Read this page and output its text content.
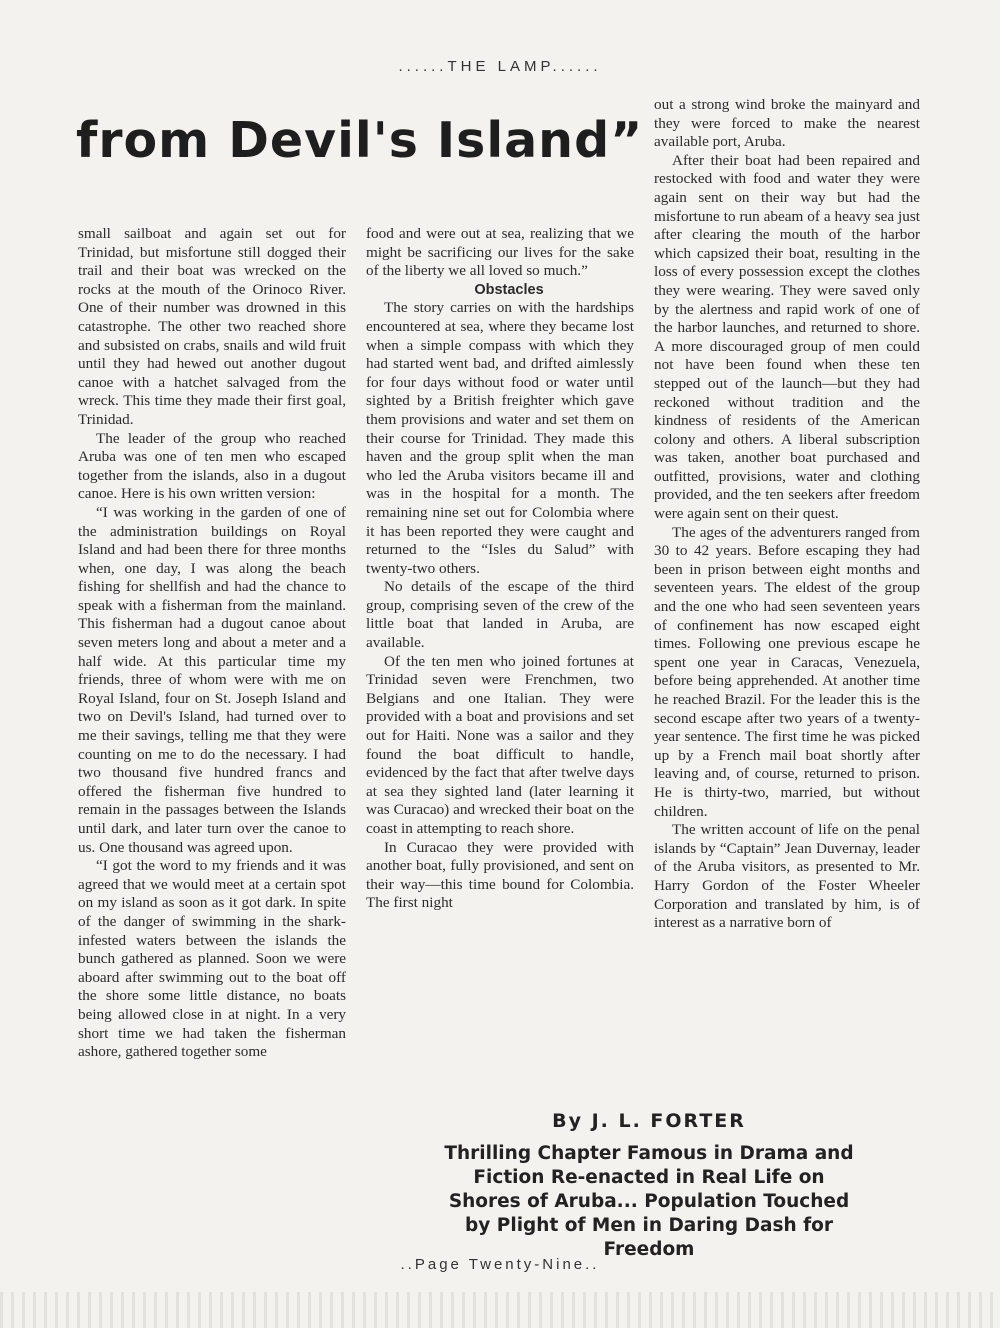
......THE LAMP......
from Devil's Island”

small sailboat and again set out for Trinidad, but misfortune still dogged their trail and their boat was wrecked on the rocks at the mouth of the Orinoco River. One of their number was drowned in this catastrophe. The other two reached shore and subsisted on crabs, snails and wild fruit until they had hewed out another dugout canoe with a hatchet salvaged from the wreck. This time they made their first goal, Trinidad.

The leader of the group who reached Aruba was one of ten men who escaped together from the islands, also in a dugout canoe. Here is his own written version:

“I was working in the garden of one of the administration buildings on Royal Island and had been there for three months when, one day, I was along the beach fishing for shellfish and had the chance to speak with a fisherman from the mainland. This fisherman had a dugout canoe about seven meters long and about a meter and a half wide. At this particular time my friends, three of whom were with me on Royal Island, four on St. Joseph Island and two on Devil's Island, had turned over to me their savings, telling me that they were counting on me to do the necessary. I had two thousand five hundred francs and offered the fisherman five hundred to remain in the passages between the Islands until dark, and later turn over the canoe to us. One thousand was agreed upon.

“I got the word to my friends and it was agreed that we would meet at a certain spot on my island as soon as it got dark. In spite of the danger of swimming in the shark-infested waters between the islands the bunch gathered as planned. Soon we were aboard after swimming out to the boat off the shore some little distance, no boats being allowed close in at night. In a very short time we had taken the fisherman ashore, gathered together some

food and were out at sea, realizing that we might be sacrificing our lives for the sake of the liberty we all loved so much.”

Obstacles

The story carries on with the hardships encountered at sea, where they became lost when a simple compass with which they had started went bad, and drifted aimlessly for four days without food or water until sighted by a British freighter which gave them provisions and water and set them on their course for Trinidad. They made this haven and the group split when the man who led the Aruba visitors became ill and was in the hospital for a month. The remaining nine set out for Colombia where it has been reported they were caught and returned to the “Isles du Salud” with twenty-two others.

No details of the escape of the third group, comprising seven of the crew of the little boat that landed in Aruba, are available.

Of the ten men who joined fortunes at Trinidad seven were Frenchmen, two Belgians and one Italian. They were provided with a boat and provisions and set out for Haiti. None was a sailor and they found the boat difficult to handle, evidenced by the fact that after twelve days at sea they sighted land (later learning it was Curacao) and wrecked their boat on the coast in attempting to reach shore.

In Curacao they were provided with another boat, fully provisioned, and sent on their way—this time bound for Colombia. The first night

out a strong wind broke the mainyard and they were forced to make the nearest available port, Aruba.

After their boat had been repaired and restocked with food and water they were again sent on their way but had the misfortune to run abeam of a heavy sea just after clearing the mouth of the harbor which capsized their boat, resulting in the loss of every possession except the clothes they were wearing. They were saved only by the alertness and rapid work of one of the harbor launches, and returned to shore. A more discouraged group of men could not have been found when these ten stepped out of the launch—but they had reckoned without tradition and the kindness of residents of the American colony and others. A liberal subscription was taken, another boat purchased and outfitted, provisions, water and clothing provided, and the ten seekers after freedom were again sent on their quest.

The ages of the adventurers ranged from 30 to 42 years. Before escaping they had been in prison between eight months and seventeen years. The eldest of the group and the one who had seen seventeen years of confinement has now escaped eight times. Following one previous escape he spent one year in Caracas, Venezuela, before being apprehended. At another time he reached Brazil. For the leader this is the second escape after two years of a twenty-year sentence. The first time he was picked up by a French mail boat shortly after leaving and, of course, returned to prison. He is thirty-two, married, but without children.

The written account of life on the penal islands by “Captain” Jean Duvernay, leader of the Aruba visitors, as presented to Mr. Harry Gordon of the Foster Wheeler Corporation and translated by him, is of interest as a narrative born of

By J. L. FORTER
Thrilling Chapter Famous in Drama and Fiction Re-enacted in Real Life on Shores of Aruba... Population Touched by Plight of Men in Daring Dash for Freedom
..Page Twenty-Nine..
